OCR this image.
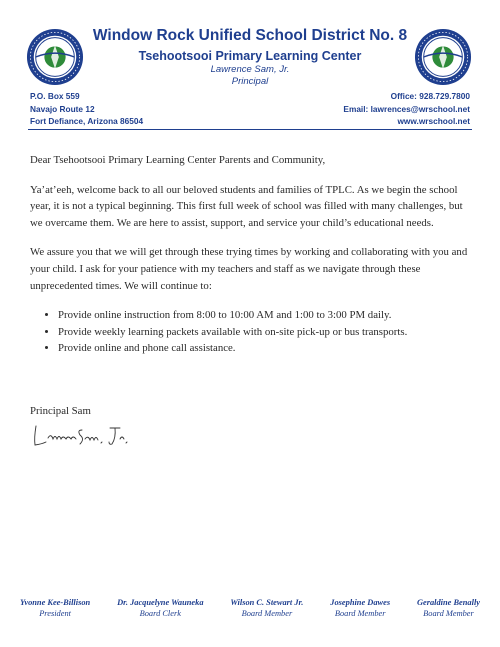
Window Rock Unified School District No. 8
Tsehootsooi Primary Learning Center
Lawrence Sam, Jr.
Principal
P.O. Box 559
Navajo Route 12
Fort Defiance, Arizona 86504
Office: 928.729.7800
Email: lawrences@wrschool.net
www.wrschool.net

Dear Tsehootsooi Primary Learning Center Parents and Community,

Ya’at’eeh, welcome back to all our beloved students and families of TPLC. As we begin the school year, it is not a typical beginning. This first full week of school was filled with many challenges, but we overcame them. We are here to assist, support, and service your child’s educational needs.

We assure you that we will get through these trying times by working and collaborating with you and your child. I ask for your patience with my teachers and staff as we navigate through these unprecedented times. We will continue to:

• Provide online instruction from 8:00 to 10:00 AM and 1:00 to 3:00 PM daily.
• Provide weekly learning packets available with on-site pick-up or bus transports.
• Provide online and phone call assistance.
Principal Sam
Yvonne Kee-Billison
President
Dr. Jacquelyne Wauneka
Board Clerk
Wilson C. Stewart Jr.
Board Member
Josephine Dawes
Board Member
Geraldine Benally
Board Member
